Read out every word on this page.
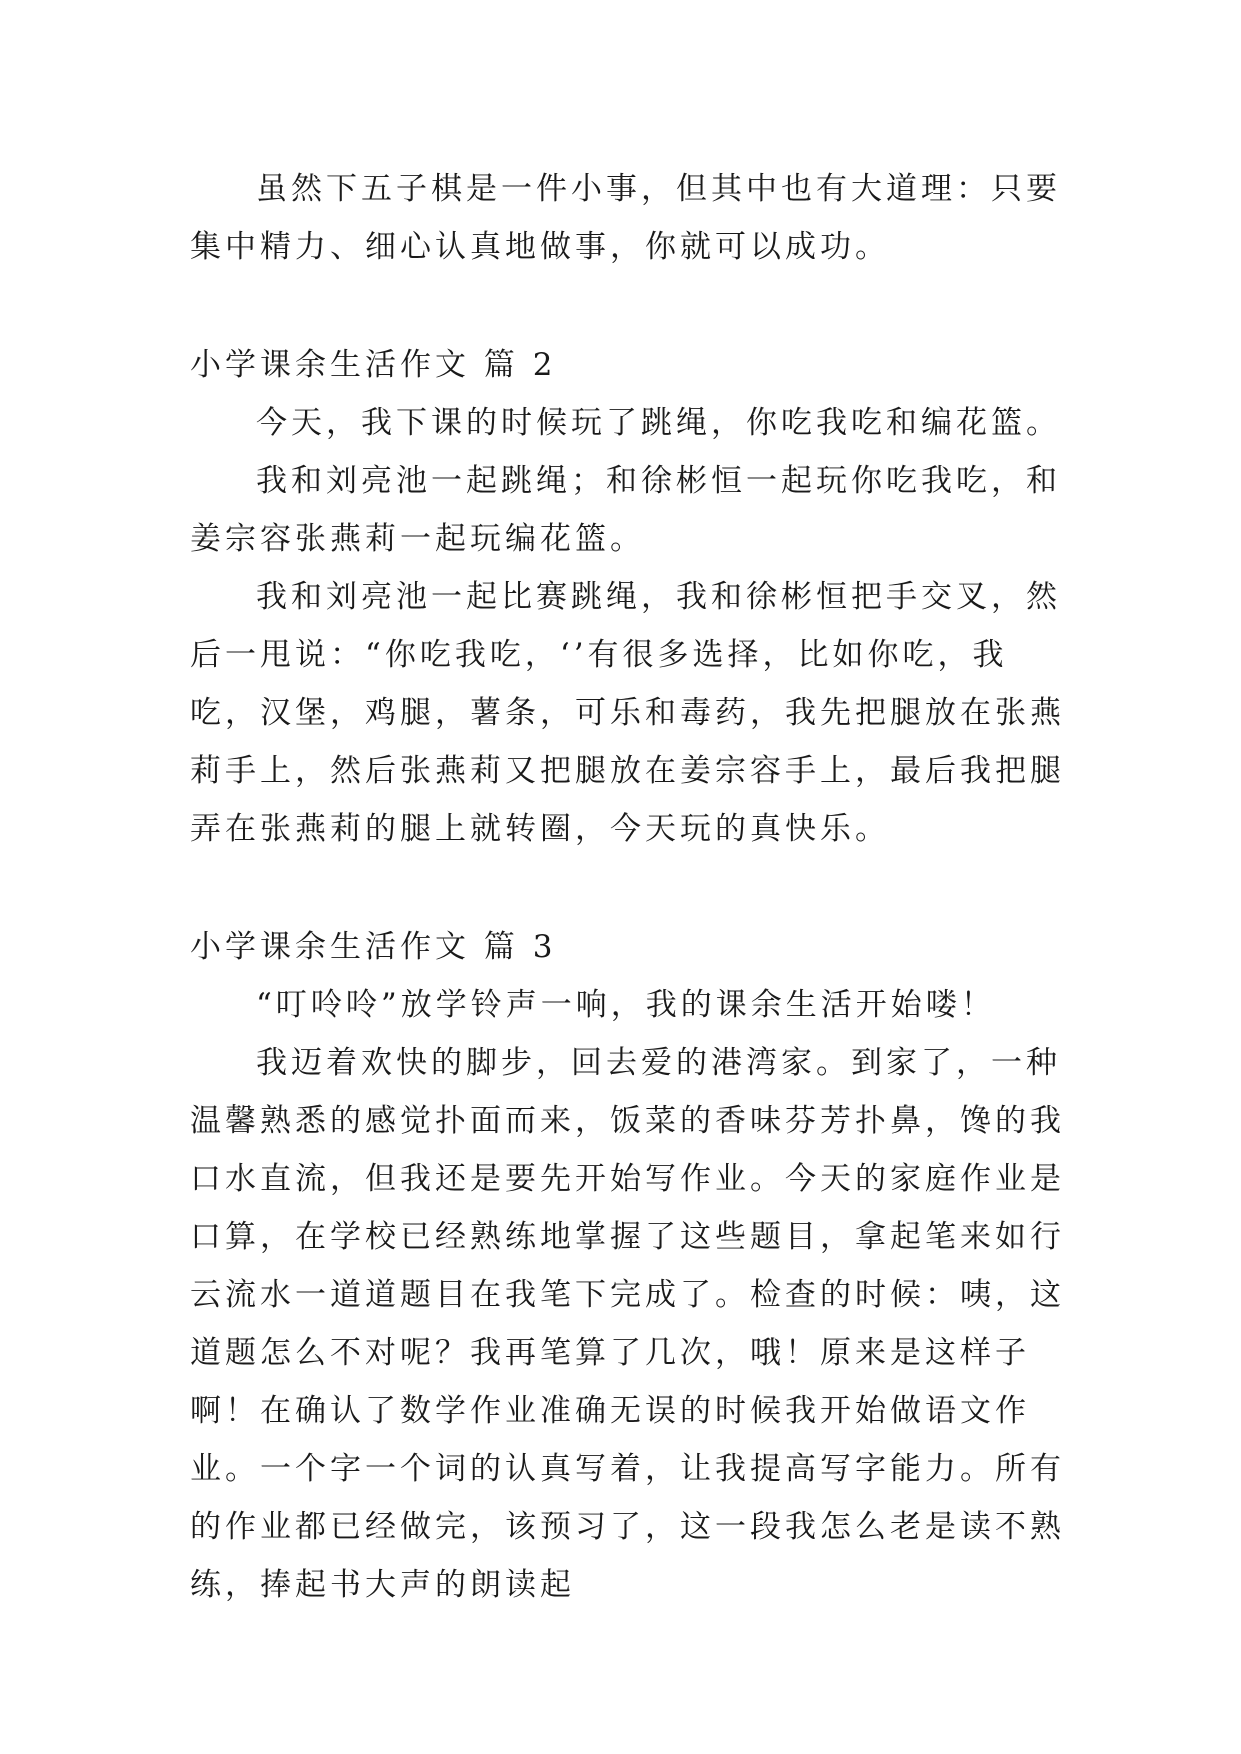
虽然下五子棋是一件小事，但其中也有大道理：只要集中精力、细心认真地做事，你就可以成功。

小学课余生活作文 篇 2

今天，我下课的时候玩了跳绳，你吃我吃和编花篮。

我和刘亮池一起跳绳；和徐彬恒一起玩你吃我吃，和姜宗容张燕莉一起玩编花篮。

我和刘亮池一起比赛跳绳，我和徐彬恒把手交叉，然后一甩说：“你吃我吃，‘’有很多选择，比如你吃，我吃，汉堡，鸡腿，薯条，可乐和毒药，我先把腿放在张燕莉手上，然后张燕莉又把腿放在姜宗容手上，最后我把腿弄在张燕莉的腿上就转圈，今天玩的真快乐。

小学课余生活作文 篇 3

“叮呤呤”放学铃声一响，我的课余生活开始喽！

我迈着欢快的脚步，回去爱的港湾家。到家了，一种温馨熟悉的感觉扑面而来，饭菜的香味芬芳扑鼻，馋的我口水直流，但我还是要先开始写作业。今天的家庭作业是口算，在学校已经熟练地掌握了这些题目，拿起笔来如行云流水一道道题目在我笔下完成了。检查的时候：咦，这道题怎么不对呢？我再笔算了几次，哦！原来是这样子啊！在确认了数学作业准确无误的时候我开始做语文作业。一个字一个词的认真写着，让我提高写字能力。所有的作业都已经做完，该预习了，这一段我怎么老是读不熟练，捧起书大声的朗读起
